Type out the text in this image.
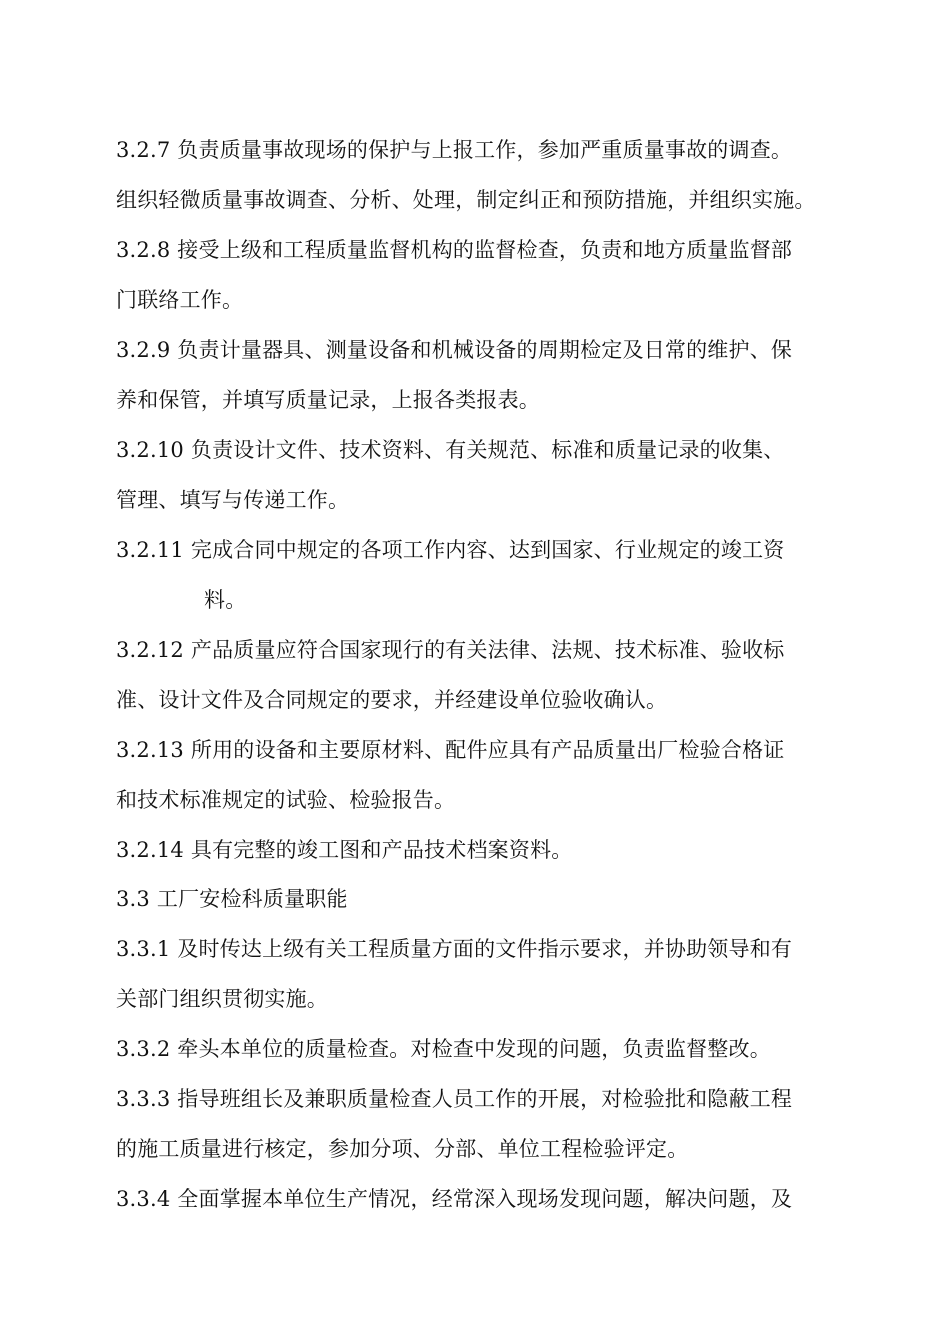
3.2.7 负责质量事故现场的保护与上报工作，参加严重质量事故的调查。
组织轻微质量事故调查、分析、处理，制定纠正和预防措施，并组织实施。
3.2.8 接受上级和工程质量监督机构的监督检查，负责和地方质量监督部
门联络工作。
3.2.9 负责计量器具、测量设备和机械设备的周期检定及日常的维护、保
养和保管，并填写质量记录，上报各类报表。
3.2.10 负责设计文件、技术资料、有关规范、标准和质量记录的收集、
管理、填写与传递工作。
3.2.11 完成合同中规定的各项工作内容、达到国家、行业规定的竣工资
料。
3.2.12 产品质量应符合国家现行的有关法律、法规、技术标准、验收标
准、设计文件及合同规定的要求，并经建设单位验收确认。
3.2.13 所用的设备和主要原材料、配件应具有产品质量出厂检验合格证
和技术标准规定的试验、检验报告。
3.2.14 具有完整的竣工图和产品技术档案资料。
3.3 工厂安检科质量职能
3.3.1 及时传达上级有关工程质量方面的文件指示要求，并协助领导和有
关部门组织贯彻实施。
3.3.2 牵头本单位的质量检查。对检查中发现的问题，负责监督整改。
3.3.3 指导班组长及兼职质量检查人员工作的开展，对检验批和隐蔽工程
的施工质量进行核定，参加分项、分部、单位工程检验评定。
3.3.4 全面掌握本单位生产情况，经常深入现场发现问题，解决问题，及
